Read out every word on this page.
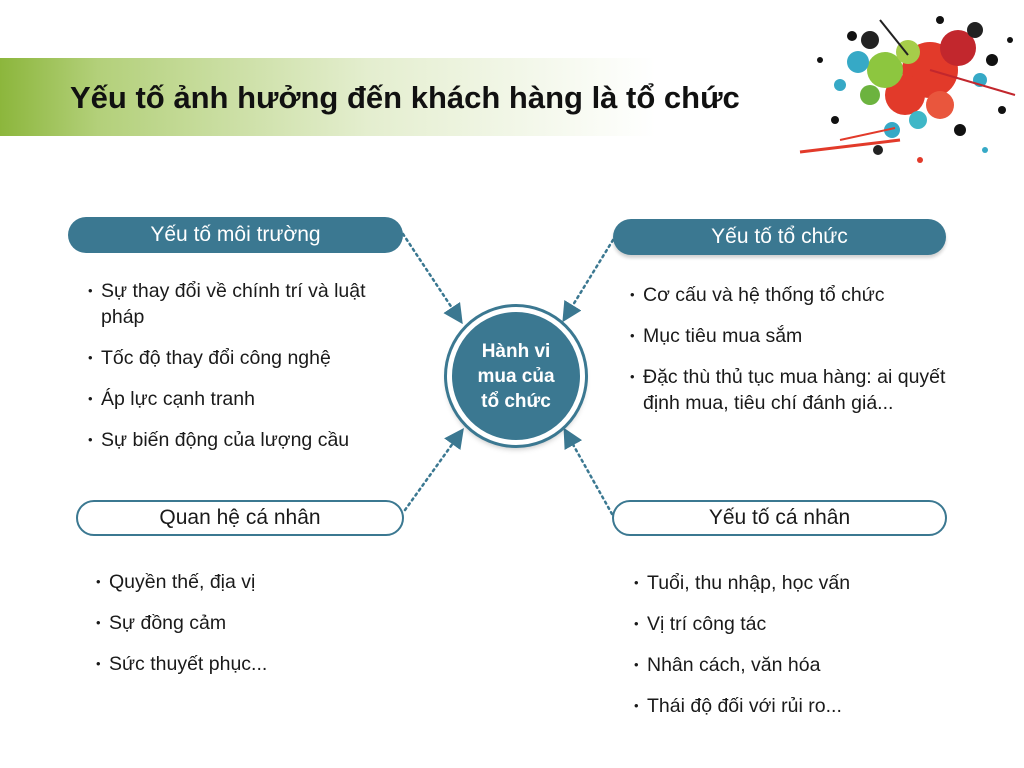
Yếu tố ảnh hưởng đến khách hàng là tổ chức
Yếu tố môi trường
• Sự thay đổi về chính trí và luật pháp
• Tốc độ thay đổi công nghệ
• Áp lực cạnh tranh
• Sự biến động của lượng cầu
Yếu tố tổ chức
• Cơ cấu và hệ thống tổ chức
• Mục tiêu mua sắm
• Đặc thù thủ tục mua hàng: ai quyết định mua, tiêu chí đánh giá...
Hành vi mua của tổ chức
Quan hệ cá nhân
• Quyền thế, địa vị
• Sự đồng cảm
• Sức thuyết phục...
Yếu tố cá nhân
• Tuổi, thu nhập, học vấn
• Vị trí công tác
• Nhân cách, văn hóa
• Thái độ đối với rủi ro...
